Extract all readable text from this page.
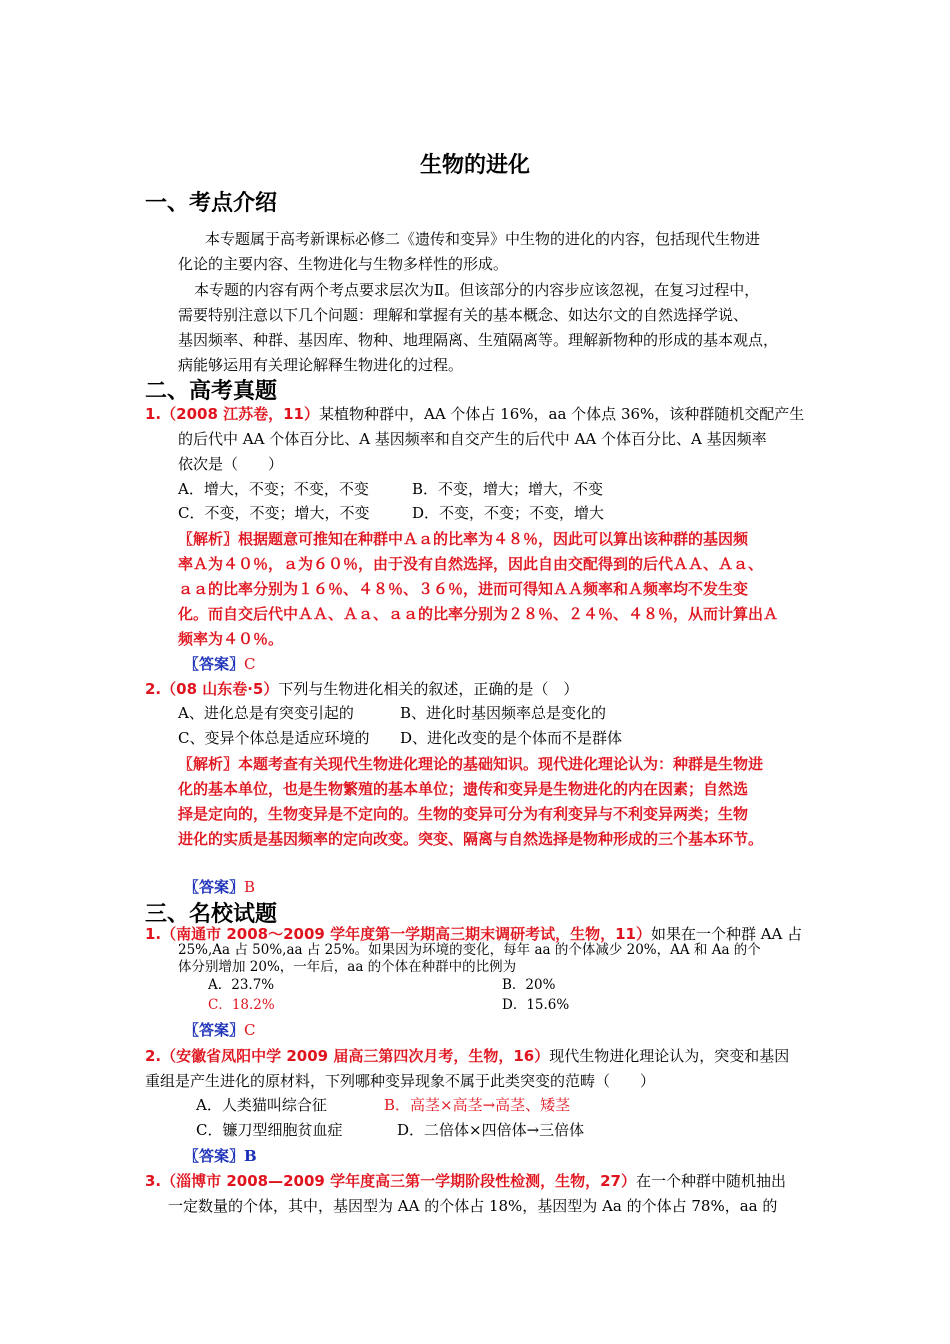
生物的进化
一、考点介绍
本专题属于高考新课标必修二《遗传和变异》中生物的进化的内容，包括现代生物进
化论的主要内容、生物进化与生物多样性的形成。
本专题的内容有两个考点要求层次为Ⅱ。但该部分的内容步应该忽视，在复习过程中，
需要特别注意以下几个问题：理解和掌握有关的基本概念、如达尔文的自然选择学说、
基因频率、种群、基因库、物种、地理隔离、生殖隔离等。理解新物种的形成的基本观点，
病能够运用有关理论解释生物进化的过程。
二、高考真题
1.（2008 江苏卷，11）某植物种群中，AA 个体占 16%，aa 个体点 36%，该种群随机交配产生
的后代中 AA 个体百分比、A 基因频率和自交产生的后代中 AA 个体百分比、A 基因频率
依次是（　　）
A．增大，不变；不变，不变	B．不变，增大；增大，不变
C．不变，不变；增大，不变	D．不变，不变；不变，增大
〖解析〗根据题意可推知在种群中Ａａ的比率为４８％，因此可以算出该种群的基因频
率Ａ为４０％，ａ为６０％，由于没有自然选择，因此自由交配得到的后代ＡＡ、Ａａ、
ａａ的比率分别为１６％、４８％、３６％，进而可得知ＡＡ频率和Ａ频率均不发生变
化。而自交后代中ＡＡ、Ａａ、ａａ的比率分别为２８％、２４％、４８％，从而计算出Ａ
频率为４０％。
〖答案〗C
2.（08 山东卷·5）下列与生物进化相关的叙述，正确的是（　）
A、进化总是有突变引起的	B、进化时基因频率总是变化的
C、变异个体总是适应环境的 D、进化改变的是个体而不是群体
〖解析〗本题考查有关现代生物进化理论的基础知识。现代进化理论认为：种群是生物进
化的基本单位，也是生物繁殖的基本单位；遗传和变异是生物进化的内在因素；自然选
择是定向的，生物变异是不定向的。生物的变异可分为有利变异与不利变异两类；生物
进化的实质是基因频率的定向改变。突变、隔离与自然选择是物种形成的三个基本环节。
〖答案〗B
三、名校试题
1.（南通市 2008～2009 学年度第一学期高三期末调研考试，生物，11）如果在一个种群 AA 占
25%,Aa 占 50%,aa 占 25%。如果因为环境的变化，每年 aa 的个体减少 20%，AA 和 Aa 的个
体分别增加 20%，一年后，aa 的个体在种群中的比例为
A．23.7%	B．20%
C．18.2%	D．15.6%
〖答案〗C
2.（安徽省凤阳中学 2009 届高三第四次月考，生物，16）现代生物进化理论认为，突变和基因
重组是产生进化的原材料，下列哪种变异现象不属于此类突变的范畴（　　）
A．人类猫叫综合征	B．高茎×高茎→高茎、矮茎
C．镰刀型细胞贫血症	D．二倍体×四倍体→三倍体
〖答案〗B
3.（淄博市 2008—2009 学年度高三第一学期阶段性检测，生物，27）在一个种群中随机抽出
一定数量的个体，其中，基因型为 AA 的个体占 18%，基因型为 Aa 的个体占 78%，aa 的
